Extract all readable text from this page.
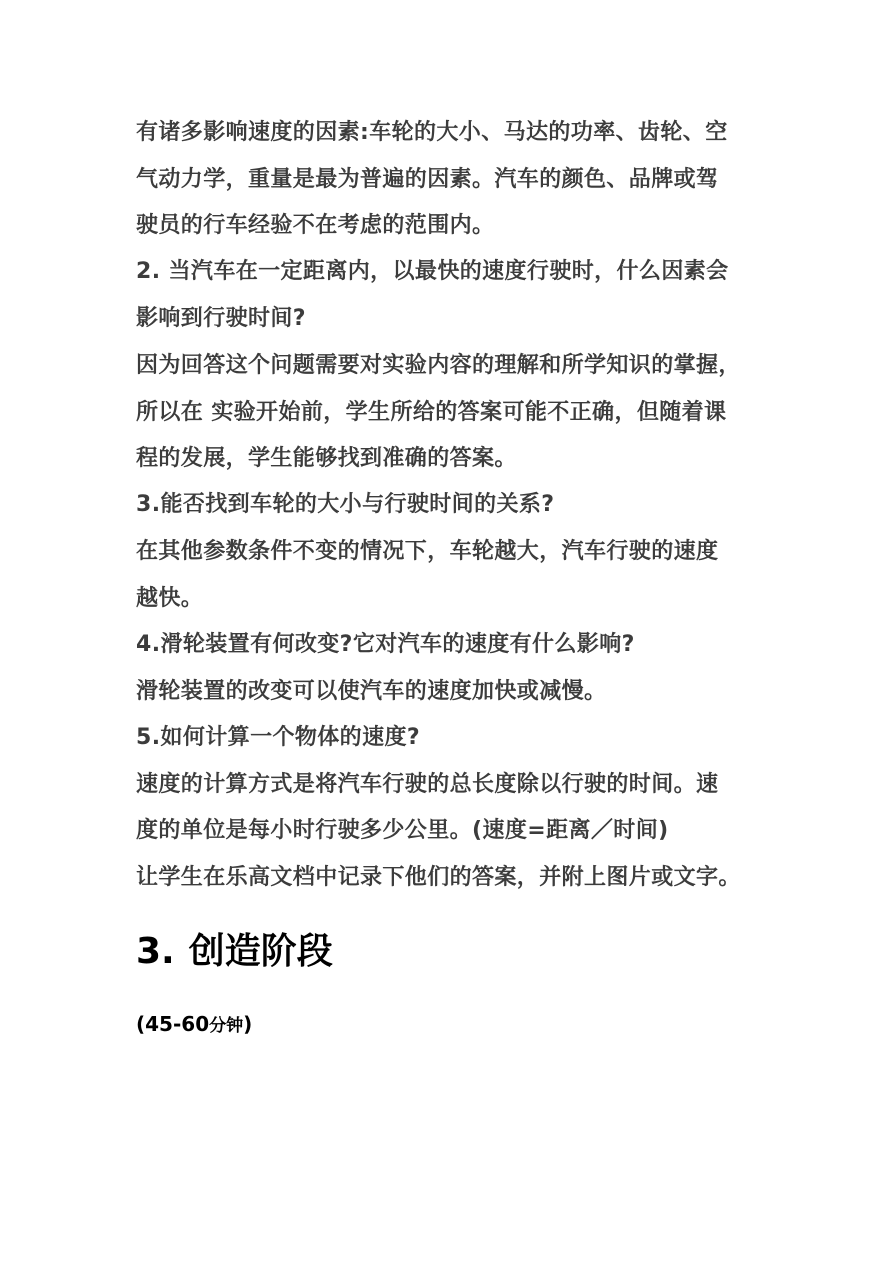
有诸多影响速度的因素:车轮的大小、马达的功率、齿轮、空

气动力学，重量是最为普遍的因素。汽车的颜色、品牌或驾

驶员的行车经验不在考虑的范围内。

2. 当汽车在一定距离内，以最快的速度行驶时，什么因素会

影响到行驶时间?

因为回答这个问题需要对实验内容的理解和所学知识的掌握，

所以在 实验开始前，学生所给的答案可能不正确，但随着课

程的发展，学生能够找到准确的答案。

3.能否找到车轮的大小与行驶时间的关系?

在其他参数条件不变的情况下，车轮越大，汽车行驶的速度

越快。

4.滑轮装置有何改变?它对汽车的速度有什么影响?

滑轮装置的改变可以使汽车的速度加快或减慢。

5.如何计算一个物体的速度?

速度的计算方式是将汽车行驶的总长度除以行驶的时间。速

度的单位是每小时行驶多少公里。(速度=距离／时间)

让学生在乐高文档中记录下他们的答案，并附上图片或文字。

3. 创造阶段

(45-60分钟)
